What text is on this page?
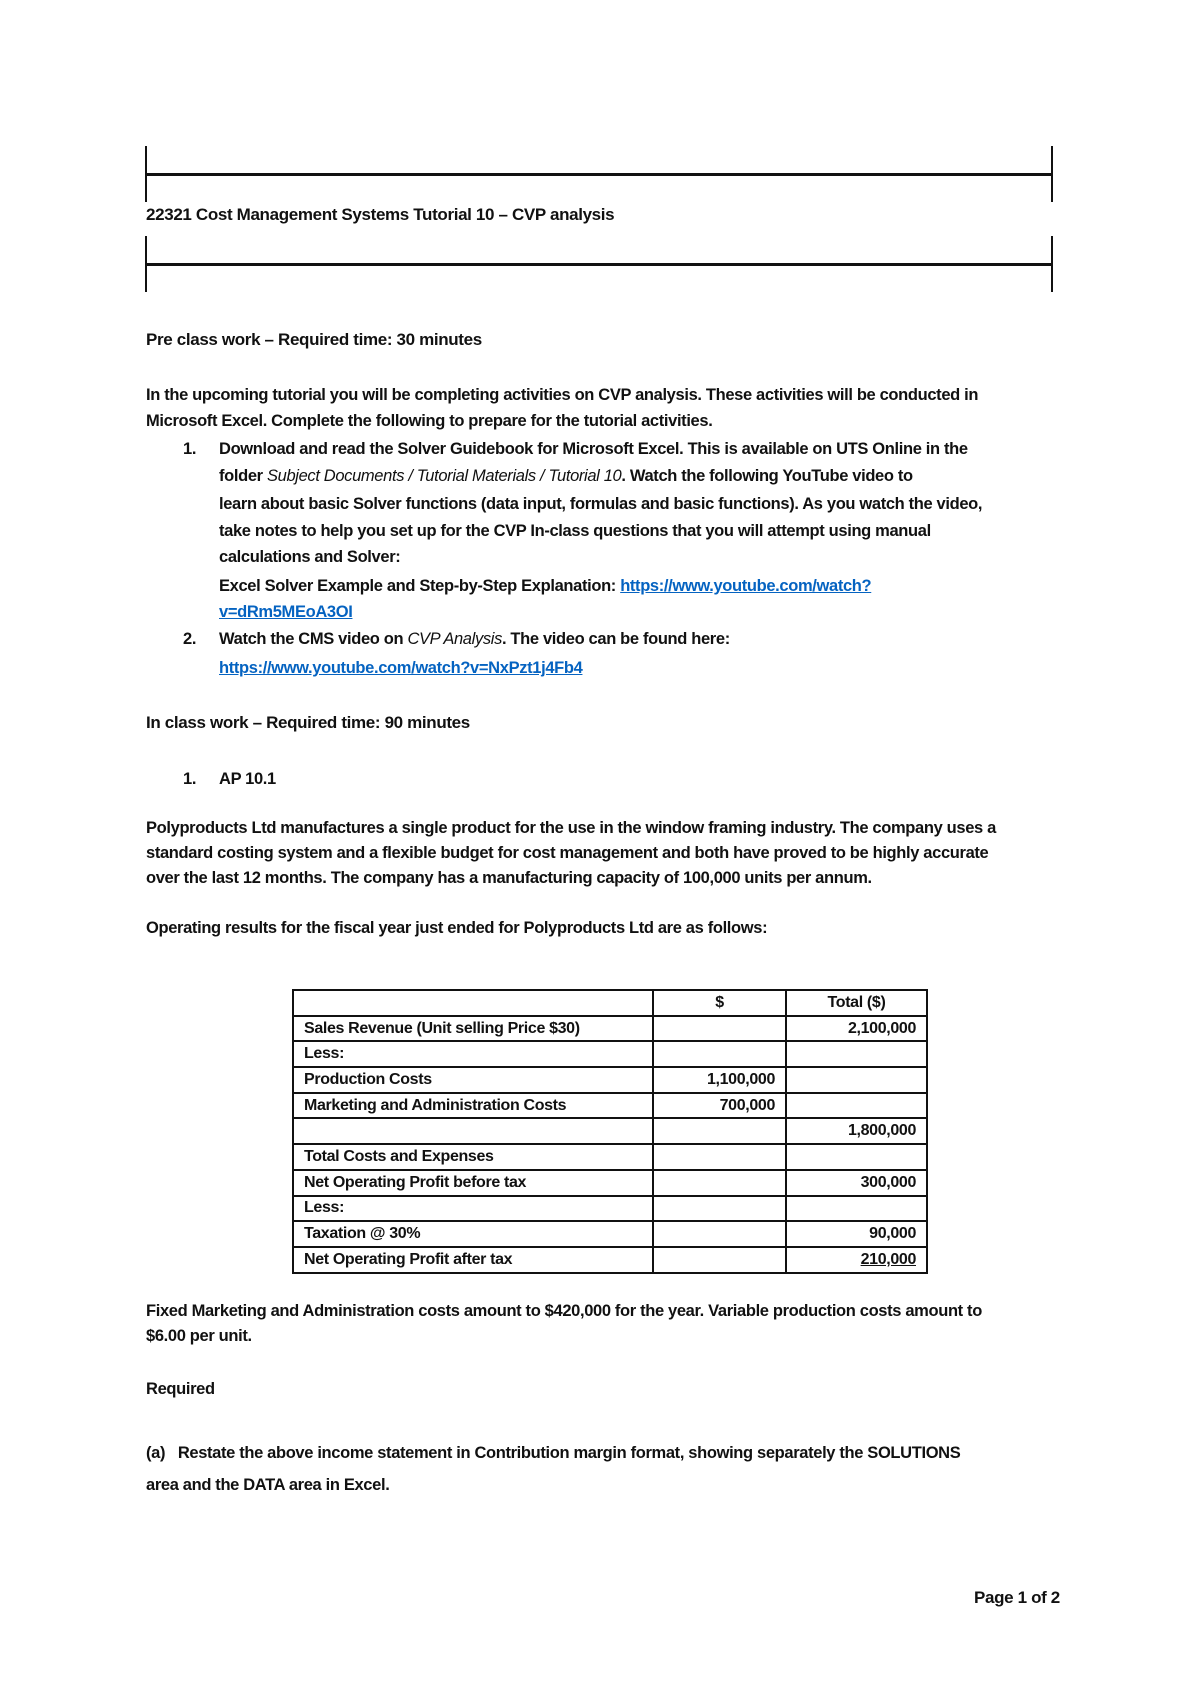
22321 Cost Management Systems Tutorial 10 – CVP analysis
Pre class work – Required time: 30 minutes
In the upcoming tutorial you will be completing activities on CVP analysis. These activities will be conducted in
Microsoft Excel. Complete the following to prepare for the tutorial activities.
1. Download and read the Solver Guidebook for Microsoft Excel. This is available on UTS Online in the
folder Subject Documents / Tutorial Materials / Tutorial 10. Watch the following YouTube video to
learn about basic Solver functions (data input, formulas and basic functions). As you watch the video,
take notes to help you set up for the CVP In-class questions that you will attempt using manual
calculations and Solver:
Excel Solver Example and Step-by-Step Explanation: https://www.youtube.com/watch?
v=dRm5MEoA3OI
2. Watch the CMS video on CVP Analysis. The video can be found here:
https://www.youtube.com/watch?v=NxPzt1j4Fb4
In class work – Required time: 90 minutes
1. AP 10.1
Polyproducts Ltd manufactures a single product for the use in the window framing industry. The company uses a
standard costing system and a flexible budget for cost management and both have proved to be highly accurate
over the last 12 months. The company has a manufacturing capacity of 100,000 units per annum.
Operating results for the fiscal year just ended for Polyproducts Ltd are as follows:
	$	Total ($)
Sales Revenue (Unit selling Price $30)		2,100,000
Less:		
Production Costs	1,100,000	
Marketing and Administration Costs	700,000	
		1,800,000
Total Costs and Expenses		
Net Operating Profit before tax		300,000
Less:		
Taxation @ 30%		90,000
Net Operating Profit after tax		210,000
Fixed Marketing and Administration costs amount to $420,000 for the year. Variable production costs amount to
$6.00 per unit.
Required
(a)   Restate the above income statement in Contribution margin format, showing separately the SOLUTIONS
area and the DATA area in Excel.
Page 1 of 2
